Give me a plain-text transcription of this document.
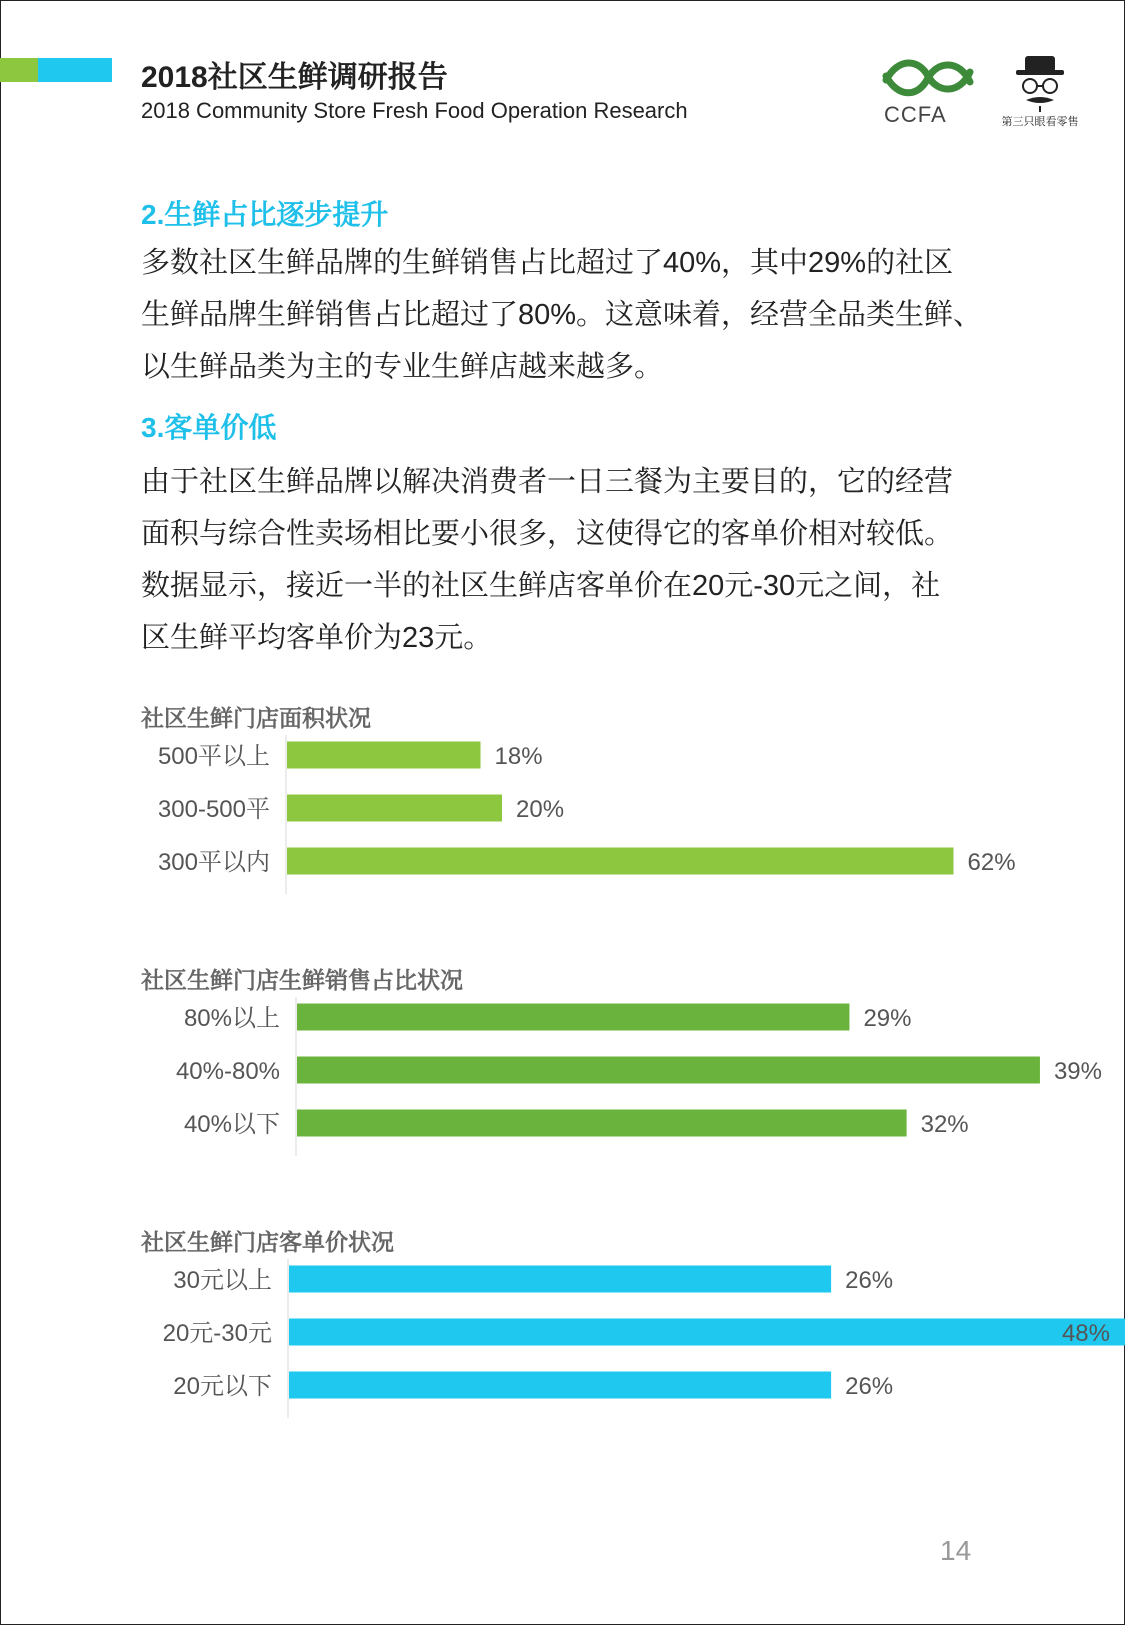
2018社区生鲜调研报告
2018 Community Store Fresh Food Operation Research	CCFA	第三只眼看零售
2.生鲜占比逐步提升
多数社区生鲜品牌的生鲜销售占比超过了40%，其中29%的社区
生鲜品牌生鲜销售占比超过了80%。这意味着，经营全品类生鲜、
以生鲜品类为主的专业生鲜店越来越多。
3.客单价低
由于社区生鲜品牌以解决消费者一日三餐为主要目的，它的经营
面积与综合性卖场相比要小很多，这使得它的客单价相对较低。
数据显示，接近一半的社区生鲜店客单价在20元-30元之间，社
区生鲜平均客单价为23元。
社区生鲜门店面积状况
500平以上	18%
300-500平	20%
300平以内	62%
社区生鲜门店生鲜销售占比状况
80%以上	29%
40%-80%	39%
40%以下	32%
社区生鲜门店客单价状况
30元以上	26%
20元-30元	48%
20元以下	26%
14
